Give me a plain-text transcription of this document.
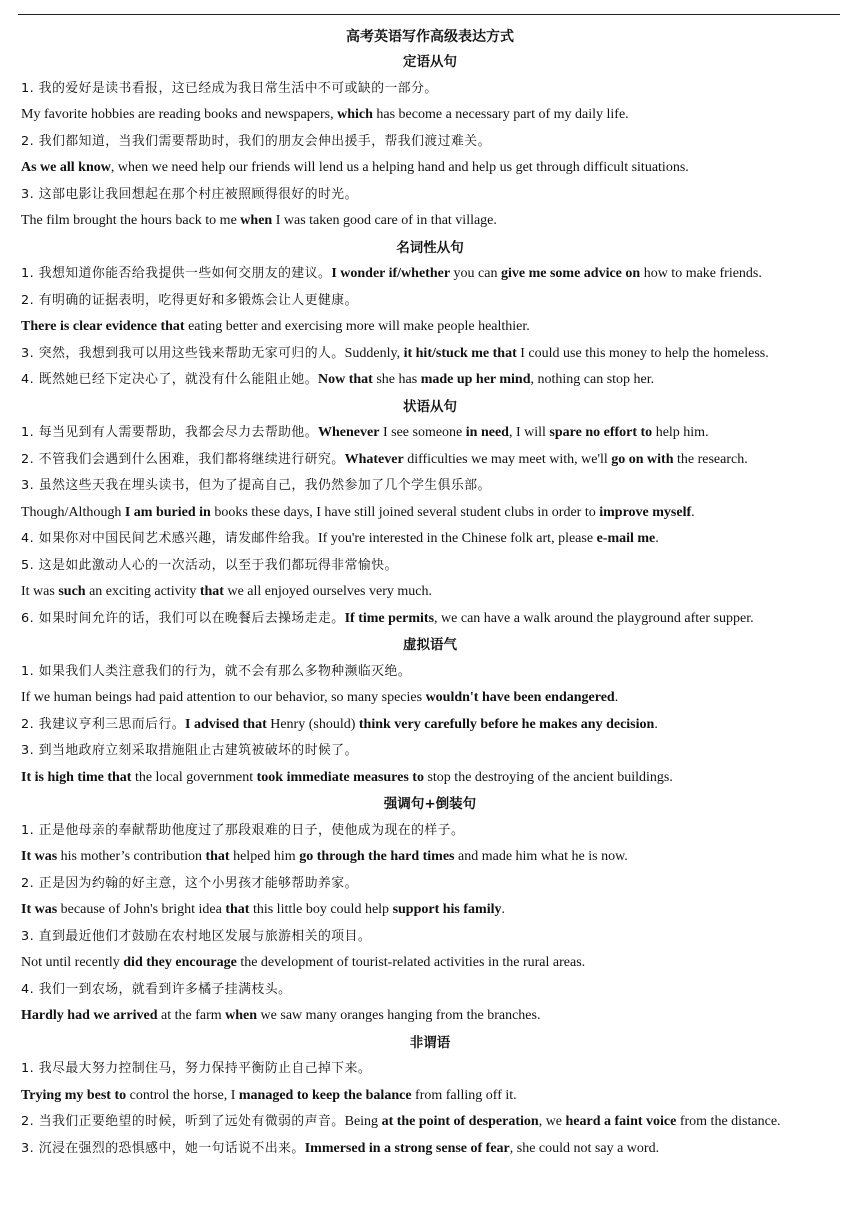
高考英语写作高级表达方式
定语从句
1. 我的爱好是读书看报，这已经成为我日常生活中不可或缺的一部分。
My favorite hobbies are reading books and newspapers, which has become a necessary part of my daily life.
2. 我们都知道，当我们需要帮助时，我们的朋友会伸出援手，帮我们渡过难关。
As we all know, when we need help our friends will lend us a helping hand and help us get through difficult situations.
3. 这部电影让我回想起在那个村庄被照顾得很好的时光。
The film brought the hours back to me when I was taken good care of in that village.
名词性从句
1. 我想知道你能否给我提供一些如何交朋友的建议。I wonder if/whether you can give me some advice on how to make friends.
2. 有明确的证据表明，吃得更好和多锻炼会让人更健康。
There is clear evidence that eating better and exercising more will make people healthier.
3. 突然，我想到我可以用这些钱来帮助无家可归的人。Suddenly, it hit/stuck me that I could use this money to help the homeless.
4. 既然她已经下定决心了，就没有什么能阻止她。Now that she has made up her mind, nothing can stop her.
状语从句
1. 每当见到有人需要帮助，我都会尽力去帮助他。Whenever I see someone in need, I will spare no effort to help him.
2. 不管我们会遇到什么困难，我们都将继续进行研究。Whatever difficulties we may meet with, we'll go on with the research.
3. 虽然这些天我在埋头读书，但为了提高自己，我仍然参加了几个学生俱乐部。
Though/Although I am buried in books these days, I have still joined several student clubs in order to improve myself.
4. 如果你对中国民间艺术感兴趣，请发邮件给我。If you're interested in the Chinese folk art, please e-mail me.
5. 这是如此激动人心的一次活动，以至于我们都玩得非常愉快。
It was such an exciting activity that we all enjoyed ourselves very much.
6. 如果时间允许的话，我们可以在晚餐后去操场走走。If time permits, we can have a walk around the playground after supper.
虚拟语气
1. 如果我们人类注意我们的行为，就不会有那么多物种濒临灭绝。
If we human beings had paid attention to our behavior, so many species wouldn't have been endangered.
2. 我建议亨利三思而后行。I advised that Henry (should) think very carefully before he makes any decision.
3. 到当地政府立刻采取措施阻止古建筑被破坏的时候了。
It is high time that the local government took immediate measures to stop the destroying of the ancient buildings.
强调句+倒装句
1. 正是他母亲的奉献帮助他度过了那段艰难的日子，使他成为现在的样子。
It was his mother’s contribution that helped him go through the hard times and made him what he is now.
2. 正是因为约翰的好主意，这个小男孩才能够帮助养家。
It was because of John's bright idea that this little boy could help support his family.
3. 直到最近他们才鼓励在农村地区发展与旅游相关的项目。
Not until recently did they encourage the development of tourist-related activities in the rural areas.
4. 我们一到农场，就看到许多橘子挂满枝头。
Hardly had we arrived at the farm when we saw many oranges hanging from the branches.
非谓语
1. 我尽最大努力控制住马，努力保持平衡防止自己掉下来。
Trying my best to control the horse, I managed to keep the balance from falling off it.
2. 当我们正要绝望的时候，听到了远处有微弱的声音。Being at the point of desperation, we heard a faint voice from the distance.
3. 沉浸在强烈的恐惧感中，她一句话说不出来。Immersed in a strong sense of fear, she could not say a word.
